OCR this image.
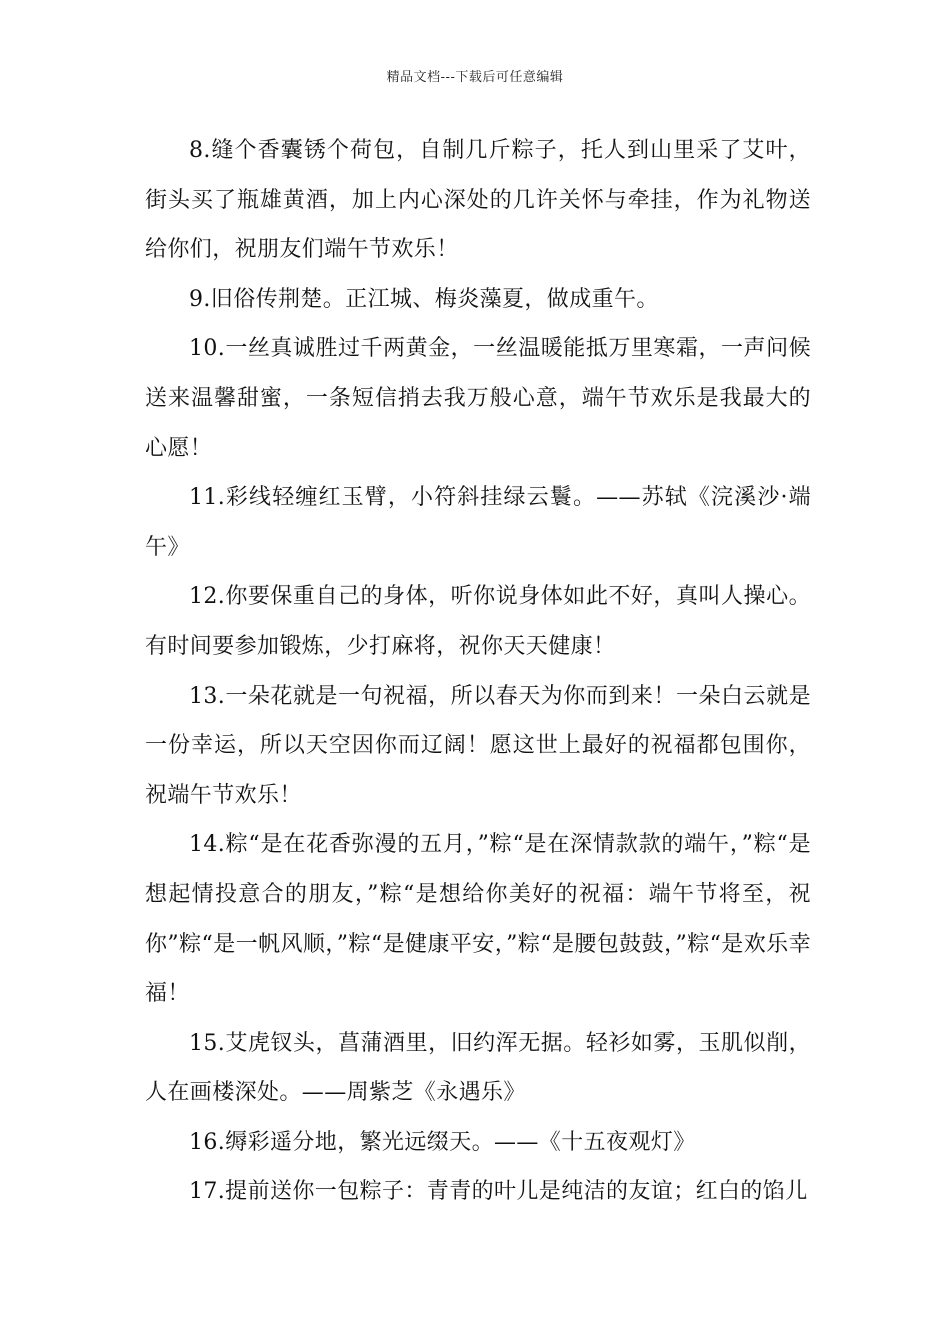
精品文档---下载后可任意编辑

8.缝个香囊锈个荷包，自制几斤粽子，托人到山里采了艾叶，街头买了瓶雄黄酒，加上内心深处的几许关怀与牵挂，作为礼物送给你们，祝朋友们端午节欢乐！

9.旧俗传荆楚。正江城、梅炎藻夏，做成重午。

10.一丝真诚胜过千两黄金，一丝温暖能抵万里寒霜，一声问候送来温馨甜蜜，一条短信捎去我万般心意，端午节欢乐是我最大的心愿！

11.彩线轻缠红玉臂，小符斜挂绿云鬟。——苏轼《浣溪沙·端午》

12.你要保重自己的身体，听你说身体如此不好，真叫人操心。有时间要参加锻炼，少打麻将，祝你天天健康！

13.一朵花就是一句祝福，所以春天为你而到来！一朵白云就是一份幸运，所以天空因你而辽阔！愿这世上最好的祝福都包围你，祝端午节欢乐！

14.粽“是在花香弥漫的五月，”粽“是在深情款款的端午，”粽“是想起情投意合的朋友，”粽“是想给你美好的祝福：端午节将至，祝你”粽“是一帆风顺，”粽“是健康平安，”粽“是腰包鼓鼓，”粽“是欢乐幸福！

15.艾虎钗头，菖蒲酒里，旧约浑无据。轻衫如雾，玉肌似削，人在画楼深处。——周紫芝《永遇乐》

16.缛彩遥分地，繁光远缀天。——《十五夜观灯》

17.提前送你一包粽子：青青的叶儿是纯洁的友谊；红白的馅儿
